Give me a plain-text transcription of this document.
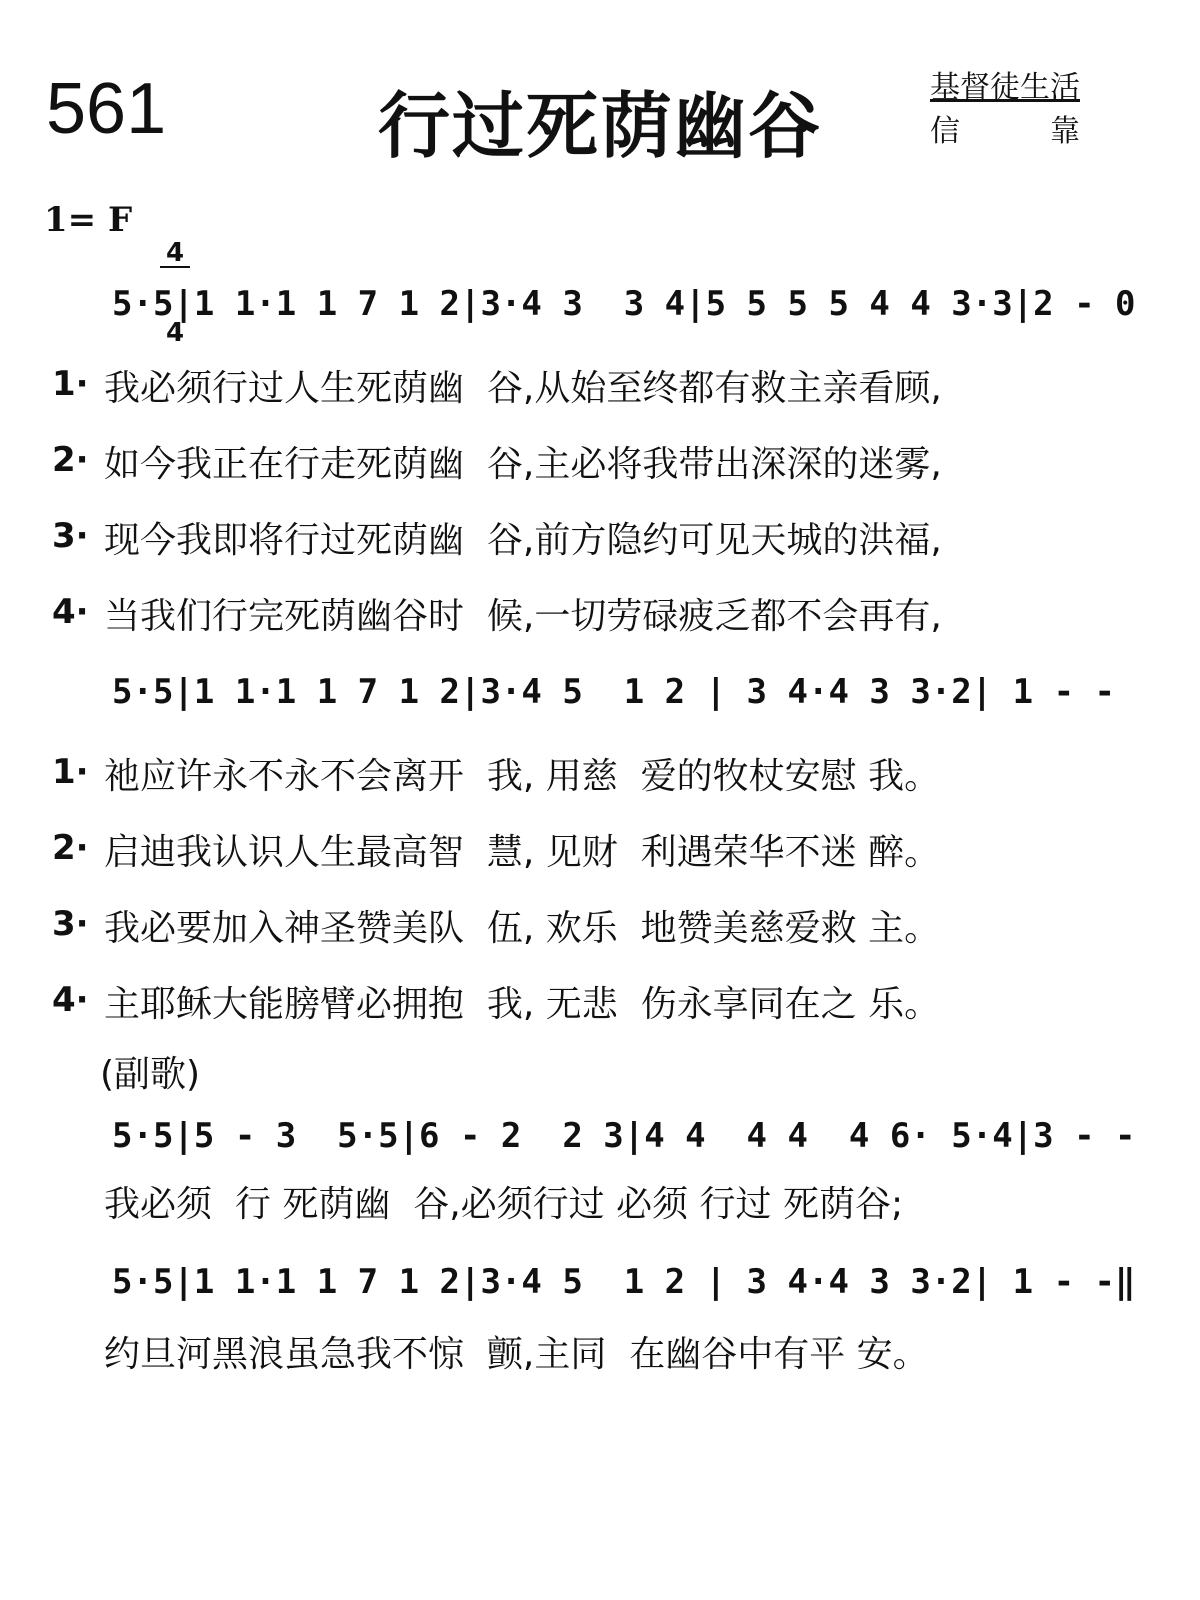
561	行过死荫幽谷	基督徒生活
信	靠
1= F

4

4

5·5|1 1·1 1 7 1 2|3·4 3  3 4|5 5 5 5 4 4 3·3|2 - 0
1· 我必须行过人生死荫幽  谷,从始至终都有救主亲看顾,
2· 如今我正在行走死荫幽  谷,主必将我带出深深的迷雾,
3· 现今我即将行过死荫幽  谷,前方隐约可见天城的洪福,
4· 当我们行完死荫幽谷时  候,一切劳碌疲乏都不会再有,
5·5|1 1·1 1 7 1 2|3·4 5  1 2 | 3 4·4 3 3·2| 1 - -
1· 祂应许永不永不会离开  我, 用慈  爱的牧杖安慰 我。
2· 启迪我认识人生最高智  慧, 见财  利遇荣华不迷 醉。
3· 我必要加入神圣赞美队  伍, 欢乐  地赞美慈爱救 主。
4· 主耶稣大能膀臂必拥抱  我, 无悲  伤永享同在之 乐。
(副歌)
5·5|5 - 3  5·5|6 - 2  2 3|4 4  4 4  4 6· 5·4|3 - -
我必须  行 死荫幽  谷,必须行过 必须 行过 死荫谷;
5·5|1 1·1 1 7 1 2|3·4 5  1 2 | 3 4·4 3 3·2| 1 - -‖
约旦河黑浪虽急我不惊  颤,主同  在幽谷中有平 安。
